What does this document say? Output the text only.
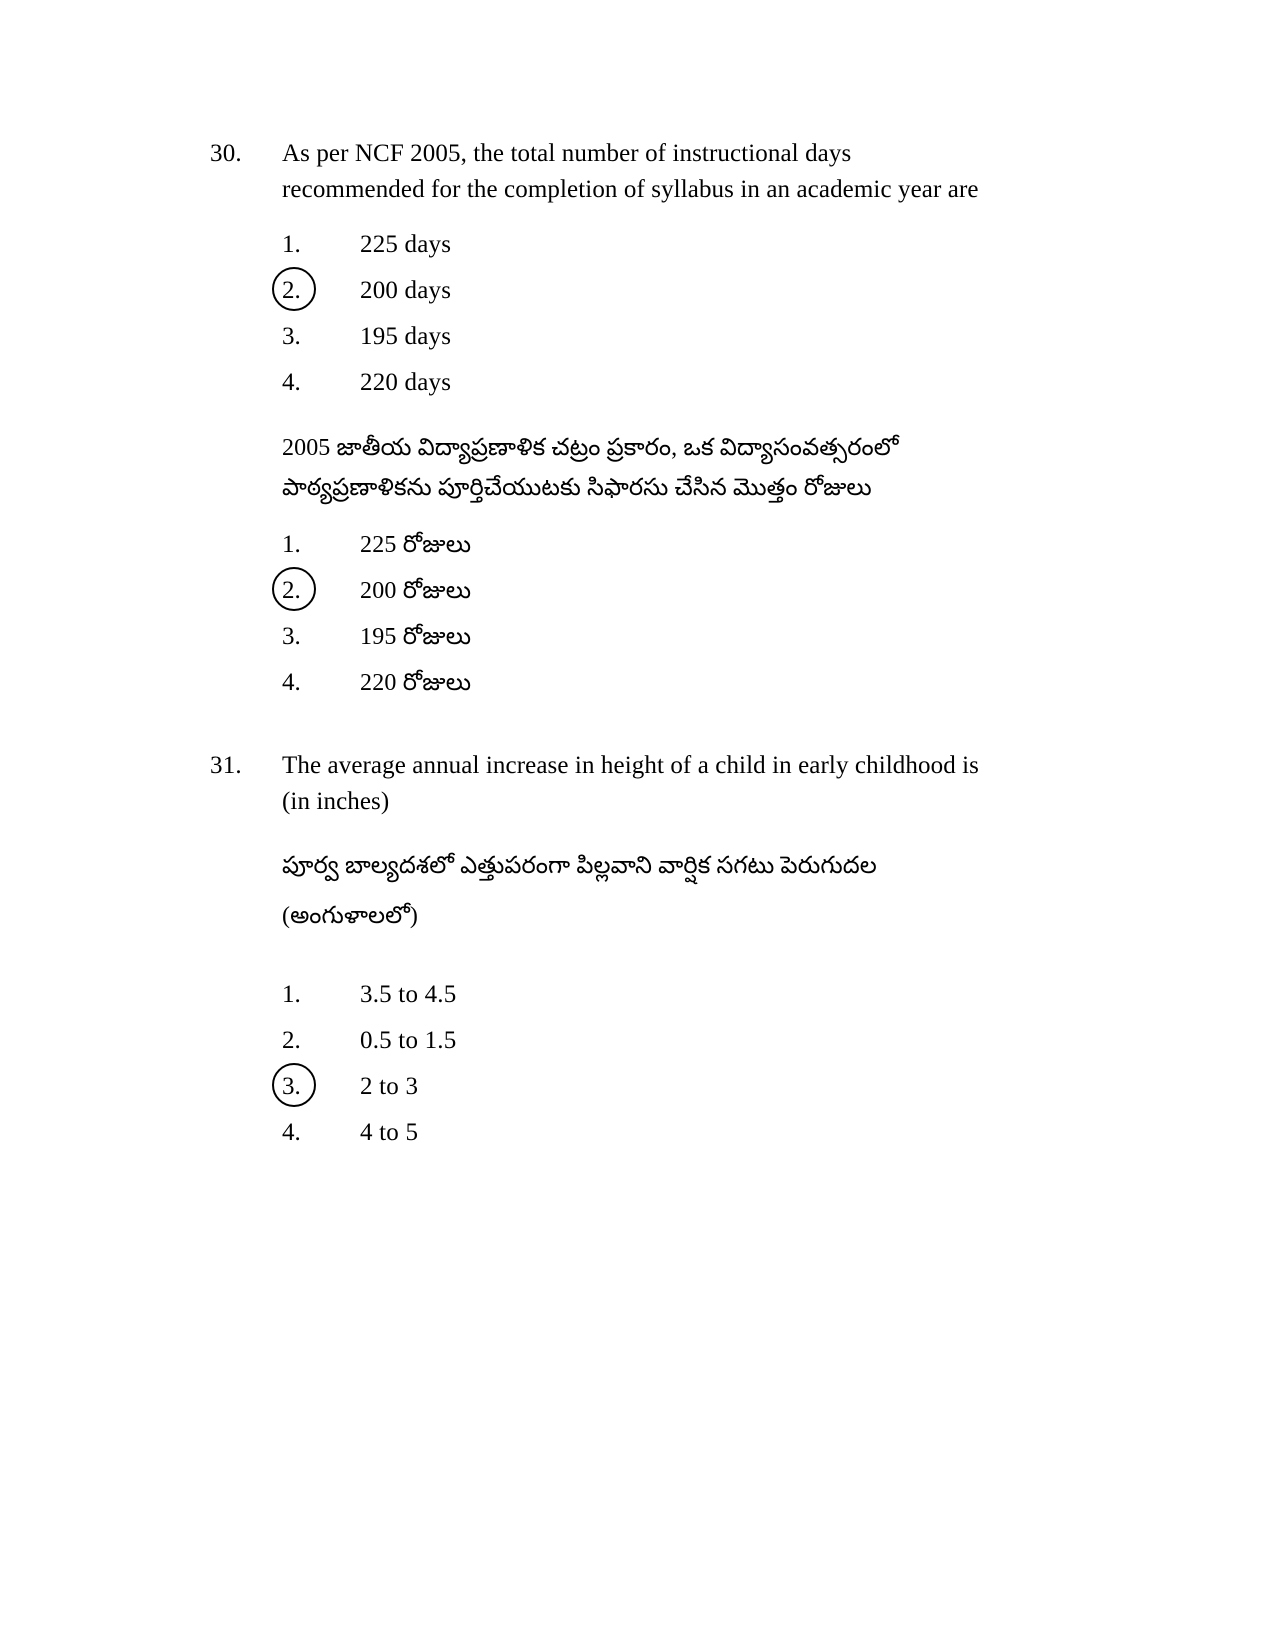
30.	As per NCF 2005, the total number of instructional days
recommended for the completion of syllabus in an academic year are
1.	225 days
2.	200 days
3.	195 days
4.	220 days
2005 జాతీయ విద్యాప్రణాళిక చట్రం ప్రకారం, ఒక విద్యాసంవత్సరంలో
పాఠ్యప్రణాళికను పూర్తిచేయుటకు సిఫారసు చేసిన మొత్తం రోజులు
1.	225 రోజులు
2.	200 రోజులు
3.	195 రోజులు
4.	220 రోజులు
31.	The average annual increase in height of a child in early childhood is
(in inches)
పూర్వ బాల్యదశలో ఎత్తుపరంగా పిల్లవాని వార్షిక సగటు పెరుగుదల
(అంగుళాలలో)
1.	3.5 to 4.5
2.	0.5 to 1.5
3.	2 to 3
4.	4 to 5
